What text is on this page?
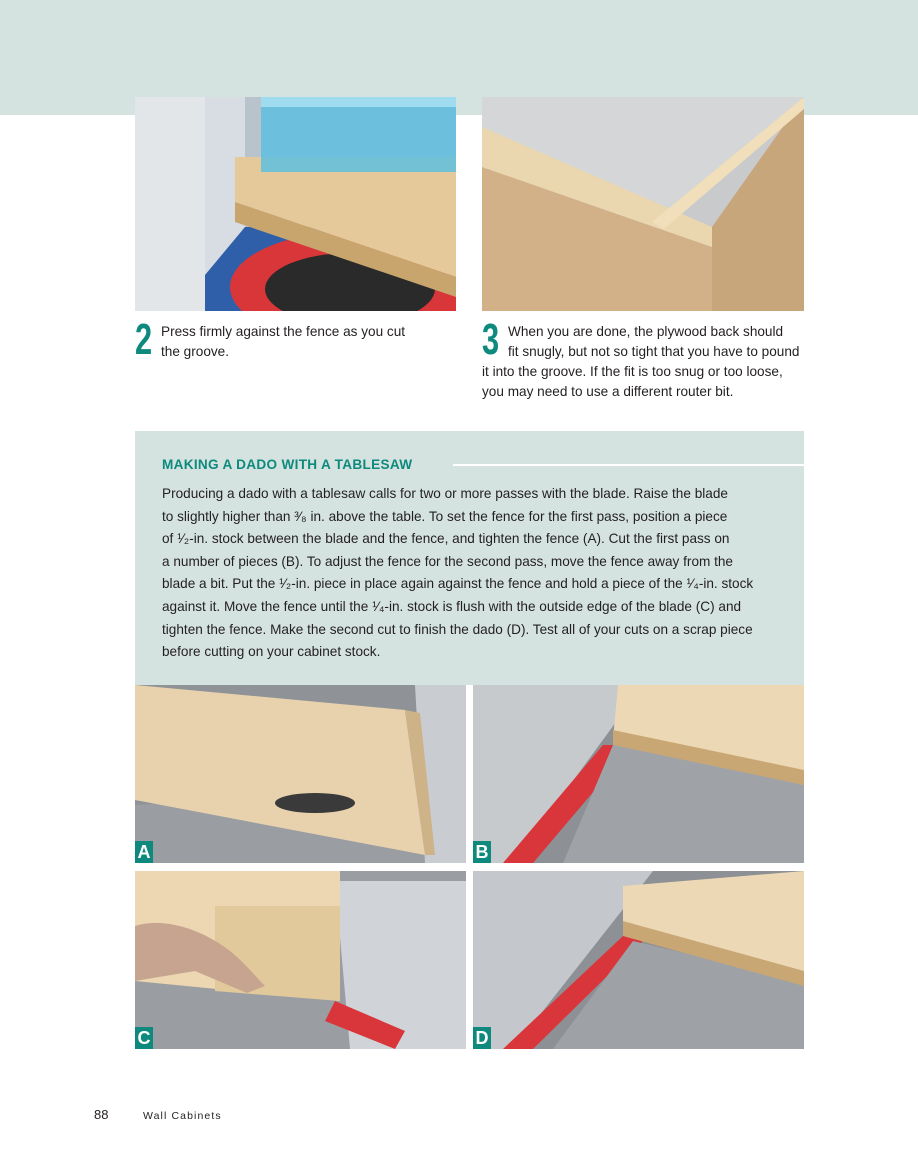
2 Press firmly against the fence as you cut
the groove.	3 When you are done, the plywood back should
fit snugly, but not so tight that you have to pound
it into the groove. If the fit is too snug or too loose,
you may need to use a different router bit.
MAKING A DADO WITH A TABLESAW
Producing a dado with a tablesaw calls for two or more passes with the blade. Raise the blade
to slightly higher than ³⁄₈ in. above the table. To set the fence for the first pass, position a piece
of ¹⁄₂-in. stock between the blade and the fence, and tighten the fence (A). Cut the first pass on
a number of pieces (B). To adjust the fence for the second pass, move the fence away from the
blade a bit. Put the ¹⁄₂-in. piece in place again against the fence and hold a piece of the ¹⁄₄-in. stock
against it. Move the fence until the ¹⁄₄-in. stock is flush with the outside edge of the blade (C) and
tighten the fence. Make the second cut to finish the dado (D). Test all of your cuts on a scrap piece
before cutting on your cabinet stock.
A	B
C	D
88	Wall Cabinets
